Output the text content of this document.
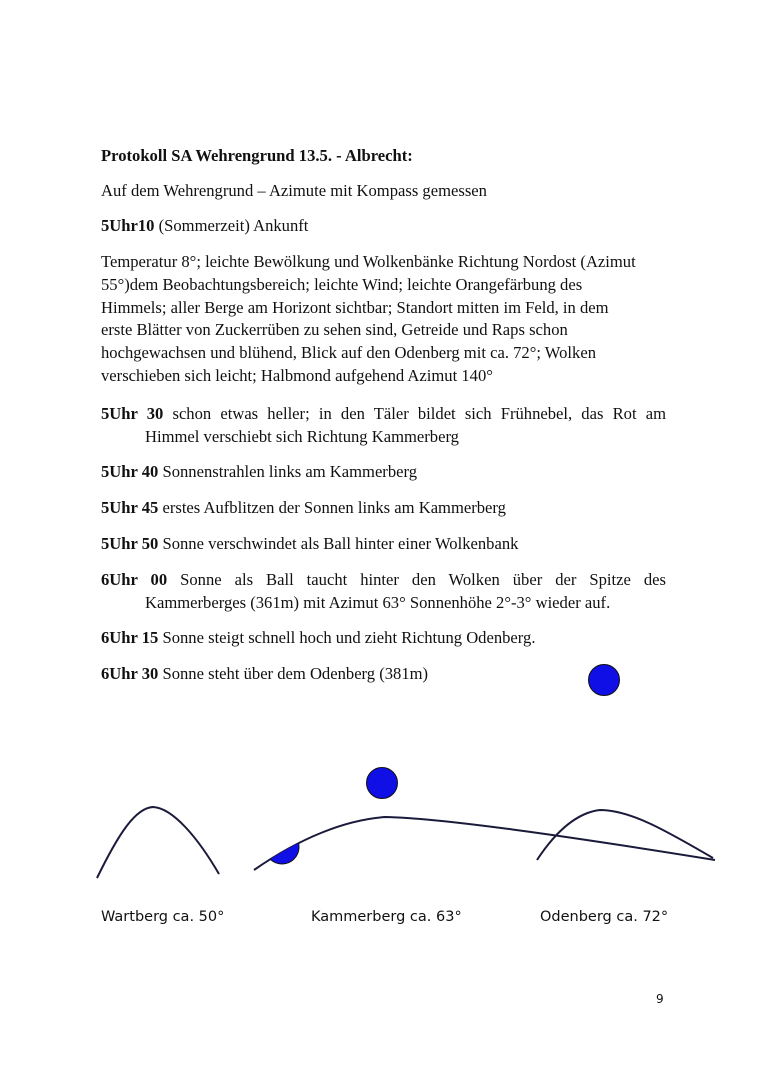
Protokoll SA Wehrengrund 13.5. - Albrecht:
Auf dem Wehrengrund – Azimute mit Kompass gemessen
5Uhr10 (Sommerzeit) Ankunft
Temperatur 8°; leichte Bewölkung und Wolkenbänke Richtung Nordost (Azimut
55°)dem Beobachtungsbereich; leichte Wind; leichte Orangefärbung des
Himmels; aller Berge am Horizont sichtbar; Standort mitten im Feld, in dem
erste Blätter von Zuckerrüben zu sehen sind, Getreide und Raps schon
hochgewachsen und blühend, Blick auf den Odenberg mit ca. 72°; Wolken
verschieben sich leicht; Halbmond aufgehend Azimut 140°
5Uhr 30 schon etwas heller; in den Täler bildet sich Frühnebel, das Rot am
Himmel verschiebt sich Richtung Kammerberg
5Uhr 40 Sonnenstrahlen links am Kammerberg
5Uhr 45 erstes Aufblitzen der Sonnen links am Kammerberg
5Uhr 50 Sonne verschwindet als Ball hinter einer Wolkenbank
6Uhr 00 Sonne als Ball taucht hinter den Wolken über der Spitze des
Kammerberges (361m) mit Azimut 63° Sonnenhöhe 2°-3° wieder auf.
6Uhr 15 Sonne steigt schnell hoch und zieht Richtung Odenberg.
6Uhr 30 Sonne steht über dem Odenberg (381m)
Wartberg ca. 50°	Kammerberg ca. 63°	Odenberg ca. 72°
9
